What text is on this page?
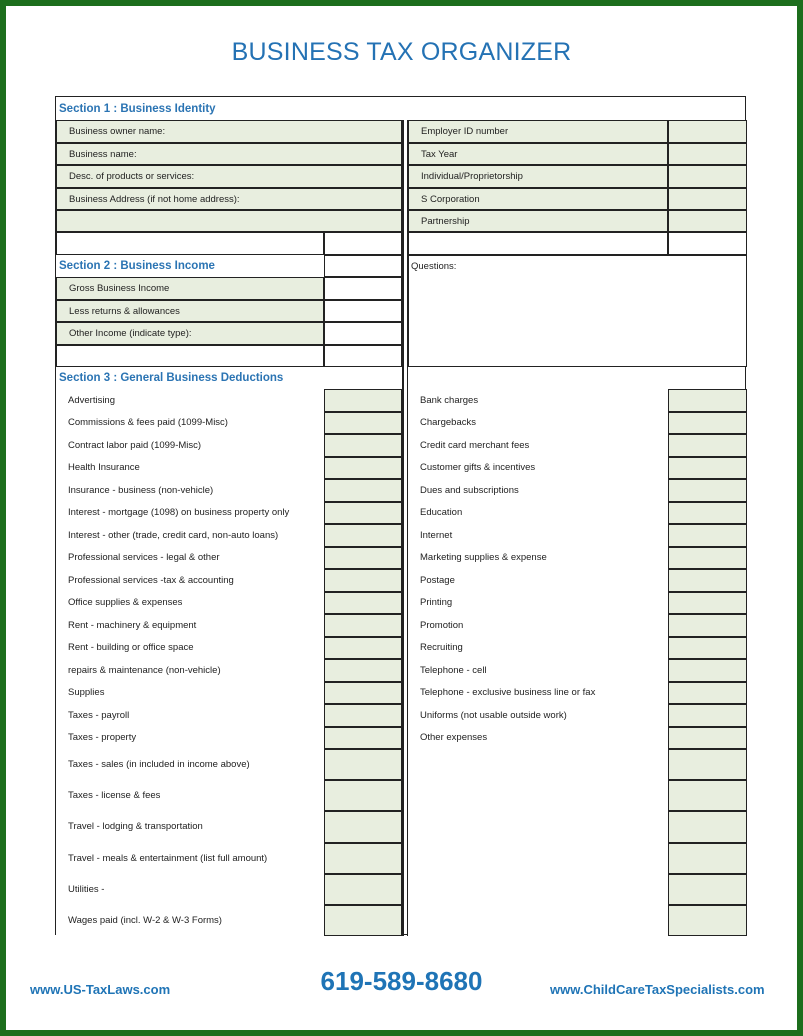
BUSINESS TAX ORGANIZER
Section 1 : Business Identity
Business owner name:	Employer ID number
Business name:	Tax Year
Desc. of products or services:	Individual/Proprietorship
Business Address (if not home address):	S Corporation
Partnership
Section 2 : Business Income
Gross Business Income
Less returns & allowances
Other Income (indicate type):
Questions:
Section 3 : General Business Deductions
Advertising	Bank charges
Commissions & fees paid (1099-Misc)	Chargebacks
Contract labor paid (1099-Misc)	Credit card merchant fees
Health Insurance	Customer gifts & incentives
Insurance - business (non-vehicle)	Dues and subscriptions
Interest - mortgage (1098) on business property only	Education
Interest - other (trade, credit card, non-auto loans)	Internet
Professional services - legal & other	Marketing supplies & expense
Professional services -tax & accounting	Postage
Office supplies & expenses	Printing
Rent - machinery & equipment	Promotion
Rent - building or office space	Recruiting
repairs & maintenance (non-vehicle)	Telephone - cell
Supplies	Telephone - exclusive business line or fax
Taxes - payroll	Uniforms (not usable outside work)
Taxes - property	Other expenses
Taxes - sales (in included in income above)
Taxes - license & fees
Travel - lodging & transportation
Travel - meals & entertainment (list full amount)
Utilities -
Wages paid (incl. W-2 & W-3 Forms)
www.US-TaxLaws.com	619-589-8680	www.ChildCareTaxSpecialists.com
